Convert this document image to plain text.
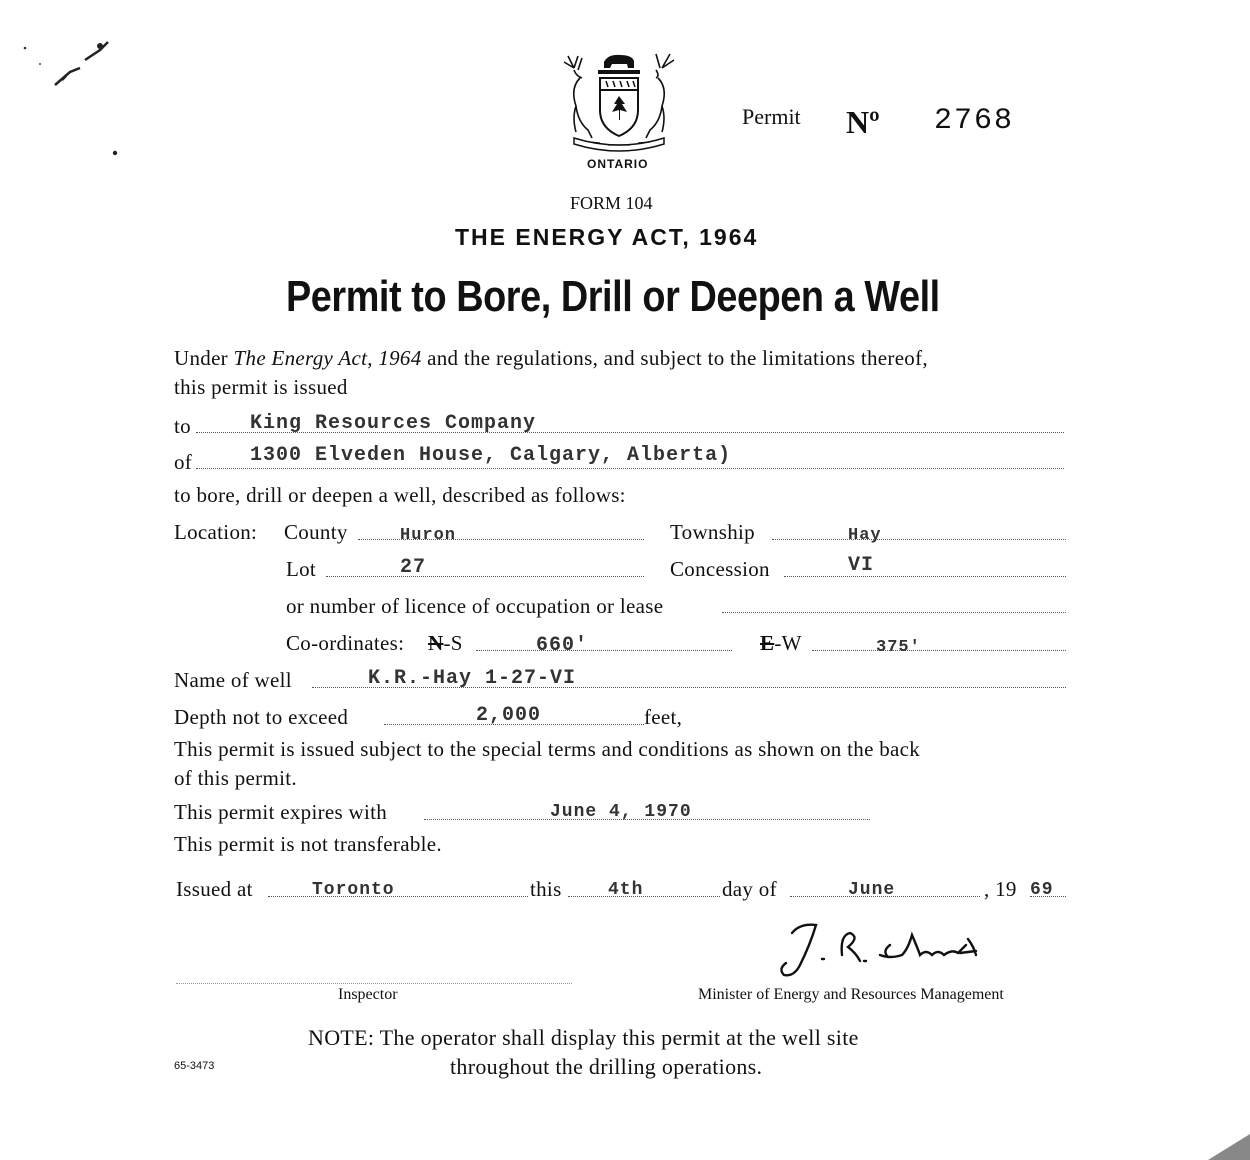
ONTARIO
Permit Nº 2768
FORM 104
THE ENERGY ACT, 1964
Permit to Bore, Drill or Deepen a Well
Under The Energy Act, 1964 and the regulations, and subject to the limitations thereof,
this permit is issued
to	King Resources Company
of	1300 Elveden House, Calgary, Alberta)
to bore, drill or deepen a well, described as follows:
Location: County	Huron	Township	Hay
Lot	27	Concession	VI
or number of licence of occupation or lease
Co-ordinates: N-S	660'	E-W	375'
Name of well	K.R.-Hay 1-27-VI
Depth not to exceed	2,000	feet,
This permit is issued subject to the special terms and conditions as shown on the back
of this permit.
This permit expires with	June 4, 1970
This permit is not transferable.
Issued at	Toronto	this	4th	day of	June	, 19 69
Inspector	Minister of Energy and Resources Management
NOTE: The operator shall display this permit at the well site
throughout the drilling operations.
65-3473
